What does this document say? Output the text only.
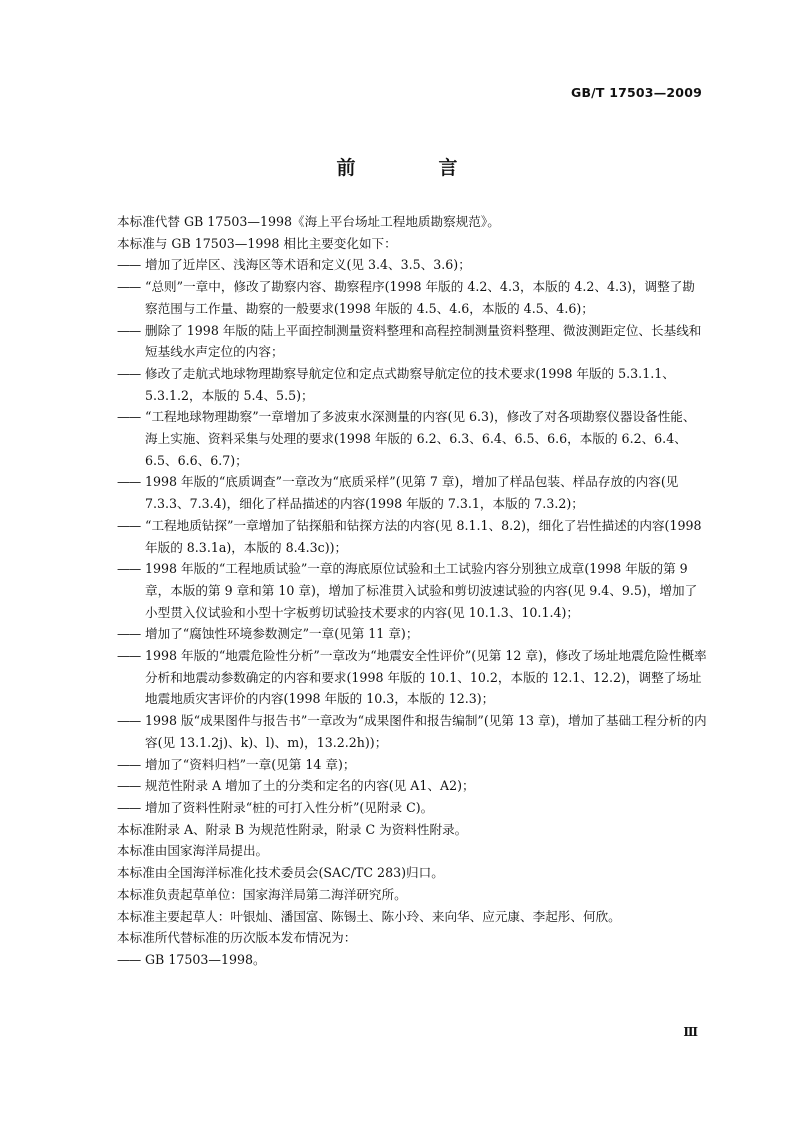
GB/T 17503—2009
前　言
本标准代替 GB 17503—1998《海上平台场址工程地质勘察规范》。
本标准与 GB 17503—1998 相比主要变化如下：
—— 增加了近岸区、浅海区等术语和定义(见 3.4、3.5、3.6)；
—— “总则”一章中，修改了勘察内容、勘察程序(1998 年版的 4.2、4.3，本版的 4.2、4.3)，调整了勘察范围与工作量、勘察的一般要求(1998 年版的 4.5、4.6，本版的 4.5、4.6)；
—— 删除了 1998 年版的陆上平面控制测量资料整理和高程控制测量资料整理、微波测距定位、长基线和短基线水声定位的内容；
—— 修改了走航式地球物理勘察导航定位和定点式勘察导航定位的技术要求(1998 年版的 5.3.1.1、5.3.1.2，本版的 5.4、5.5)；
—— “工程地球物理勘察”一章增加了多波束水深测量的内容(见 6.3)，修改了对各项勘察仪器设备性能、海上实施、资料采集与处理的要求(1998 年版的 6.2、6.3、6.4、6.5、6.6，本版的 6.2、6.4、6.5、6.6、6.7)；
—— 1998 年版的“底质调查”一章改为“底质采样”(见第 7 章)，增加了样品包装、样品存放的内容(见 7.3.3、7.3.4)，细化了样品描述的内容(1998 年版的 7.3.1，本版的 7.3.2)；
—— “工程地质钻探”一章增加了钻探船和钻探方法的内容(见 8.1.1、8.2)，细化了岩性描述的内容(1998 年版的 8.3.1a)，本版的 8.4.3c))；
—— 1998 年版的“工程地质试验”一章的海底原位试验和土工试验内容分别独立成章(1998 年版的第 9 章，本版的第 9 章和第 10 章)，增加了标准贯入试验和剪切波速试验的内容(见 9.4、9.5)，增加了小型贯入仪试验和小型十字板剪切试验技术要求的内容(见 10.1.3、10.1.4)；
—— 增加了“腐蚀性环境参数测定”一章(见第 11 章)；
—— 1998 年版的“地震危险性分析”一章改为“地震安全性评价”(见第 12 章)，修改了场址地震危险性概率分析和地震动参数确定的内容和要求(1998 年版的 10.1、10.2，本版的 12.1、12.2)，调整了场址地震地质灾害评价的内容(1998 年版的 10.3，本版的 12.3)；
—— 1998 版“成果图件与报告书”一章改为“成果图件和报告编制”(见第 13 章)，增加了基础工程分析的内容(见 13.1.2j)、k)、l)、m)，13.2.2h))；
—— 增加了“资料归档”一章(见第 14 章)；
—— 规范性附录 A 增加了土的分类和定名的内容(见 A1、A2)；
—— 增加了资料性附录“桩的可打入性分析”(见附录 C)。
本标准附录 A、附录 B 为规范性附录，附录 C 为资料性附录。
本标准由国家海洋局提出。
本标准由全国海洋标准化技术委员会(SAC/TC 283)归口。
本标准负责起草单位：国家海洋局第二海洋研究所。
本标准主要起草人：叶银灿、潘国富、陈锡土、陈小玲、来向华、应元康、李起彤、何欣。
本标准所代替标准的历次版本发布情况为：
—— GB 17503—1998。
Ⅲ
